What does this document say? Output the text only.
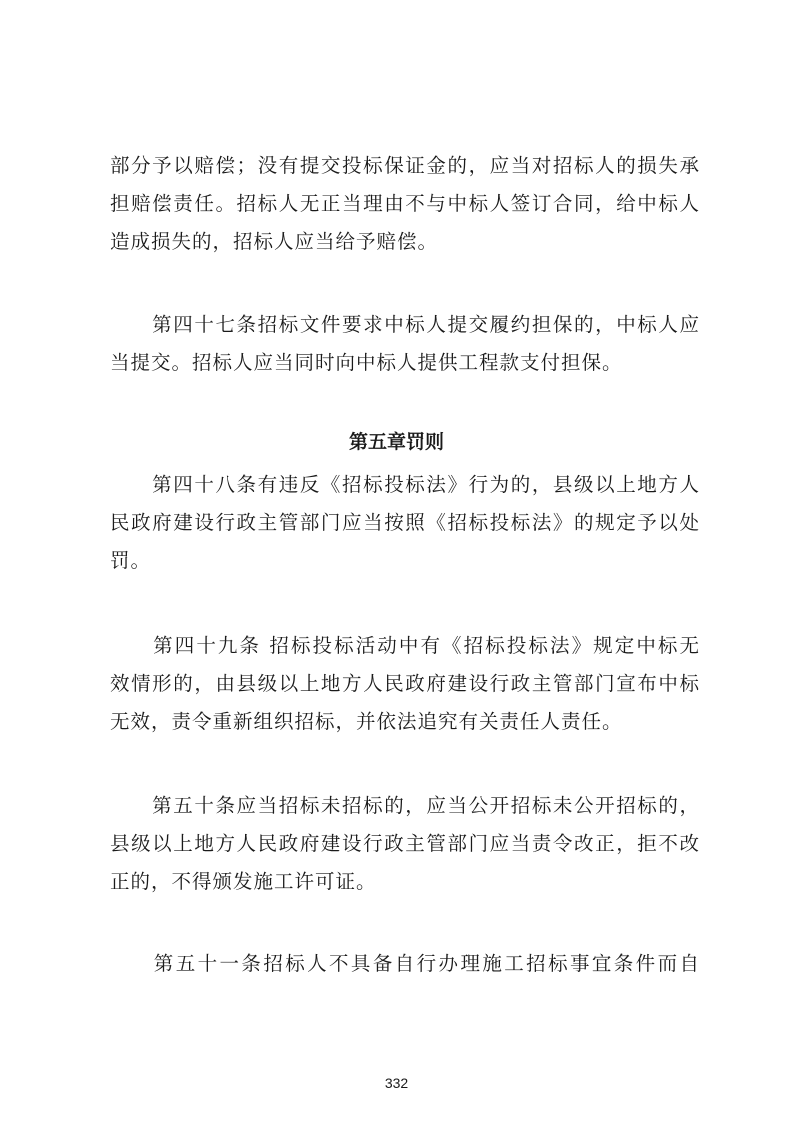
部分予以赔偿；没有提交投标保证金的，应当对招标人的损失承
担赔偿责任。招标人无正当理由不与中标人签订合同，给中标人
造成损失的，招标人应当给予赔偿。

　　第四十七条招标文件要求中标人提交履约担保的，中标人应
当提交。招标人应当同时向中标人提供工程款支付担保。

第五章罚则

　　第四十八条有违反《招标投标法》行为的，县级以上地方人
民政府建设行政主管部门应当按照《招标投标法》的规定予以处
罚。

　　第四十九条 招标投标活动中有《招标投标法》规定中标无
效情形的，由县级以上地方人民政府建设行政主管部门宣布中标
无效，责令重新组织招标，并依法追究有关责任人责任。

　　第五十条应当招标未招标的，应当公开招标未公开招标的，
县级以上地方人民政府建设行政主管部门应当责令改正，拒不改
正的，不得颁发施工许可证。

　　第五十一条招标人不具备自行办理施工招标事宜条件而自

332
